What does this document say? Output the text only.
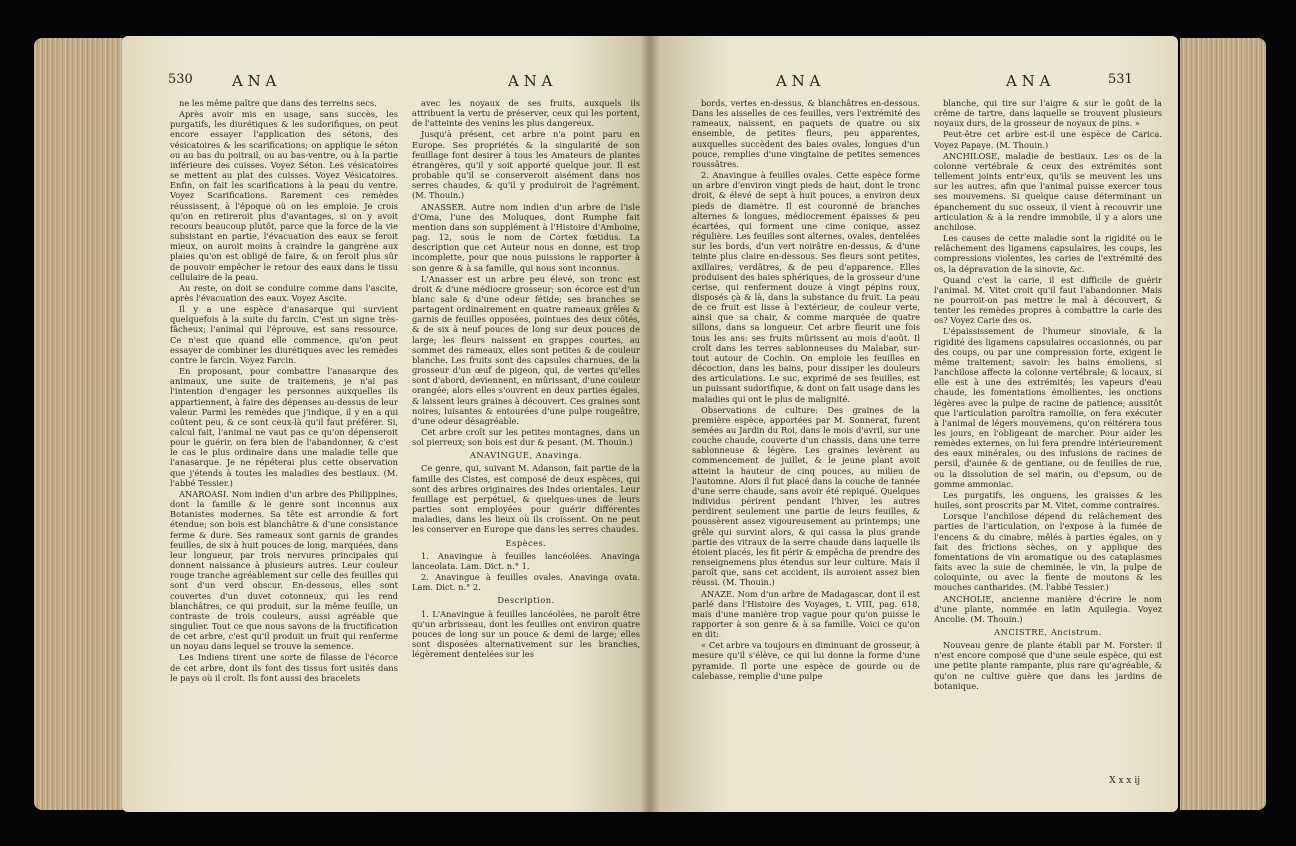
530	A N A	A N A

ne les même paître que dans des terreins secs.

Après avoir mis en usage, sans succès, les purgatifs, les diurétiques & les sudorifiques, on peut encore essayer l'application des sétons, des vésicatoires & les scarifications; on applique le séton ou au bas du poitrail, ou au bas-ventre, ou à la partie inférieure des cuisses. Voyez Séton. Les vésicatoires se mettent au plat des cuisses. Voyez Vésicatoires. Enfin, on fait les scarifications à la peau du ventre. Voyez Scarifications. Rarement ces remèdes réussissent, à l'époque où on les emploie. Je crois qu'on en retireroit plus d'avantages, si on y avoit recours beaucoup plutôt, parce que la force de la vie subsistant en partie, l'évacuation des eaux se feroit mieux, on auroit moins à craindre la gangrène aux plaies qu'on est obligé de faire, & on feroit plus sûr de pouvoir empêcher le retour des eaux dans le tissu cellulaire de la peau.

Au reste, on doit se conduire comme dans l'ascite, après l'évacuation des eaux. Voyez Ascite.

Il y a une espèce d'anasarque qui survient quelquefois à la suite du farcin. C'est un signe très-fâcheux; l'animal qui l'éprouve, est sans ressource. Ce n'est que quand elle commence, qu'on peut essayer de combiner les diurétiques avec les remèdes contre le farcin. Voyez Farcin.

En proposant, pour combattre l'anasarque des animaux, une suite de traitemens, je n'ai pas l'intention d'engager les personnes auxquelles ils appartiennent, à faire des dépenses au-dessus de leur valeur. Parmi les remèdes que j'indique, il y en a qui coûtent peu, & ce sont ceux-là qu'il faut préférer. Si, calcul fait, l'animal ne vaut pas ce qu'on dépenseroit pour le guérir, on fera bien de l'abandonner, & c'est le cas le plus ordinaire dans une maladie telle que l'anasarque. Je ne répéterai plus cette observation que j'étends à toutes les maladies des bestiaux. (M. l'abbé Tessier.)

ANAROASI. Nom indien d'un arbre des Philippines, dont la famille & le genre sont inconnus aux Botanistes modernes. Sa tête est arrondie & fort étendue; son bois est blanchâtre & d'une consistance ferme & dure. Ses rameaux sont garnis de grandes feuilles, de six à huit pouces de long, marquées, dans leur longueur, par trois nervures principales qui donnent naissance à plusieurs autres. Leur couleur rouge tranche agréablement sur celle des feuilles qui sont d'un verd obscur. En-dessous, elles sont couvertes d'un duvet cotonneux, qui les rend blanchâtres, ce qui produit, sur la même feuille, un contraste de trois couleurs, aussi agréable que singulier. Tout ce que nous savons de la fructification de cet arbre, c'est qu'il produit un fruit qui renferme un noyau dans lequel se trouve la semence.

Les Indiens tirent une sorte de filasse de l'écorce de cet arbre, dont ils font des tissus fort usités dans le pays où il croît. Ils font aussi des bracelets

avec les noyaux de ses fruits, auxquels ils attribuent la vertu de préserver, ceux qui les portent, de l'atteinte des venins les plus dangereux.

Jusqu'à présent, cet arbre n'a point paru en Europe. Ses propriétés & la singularité de son feuillage font desirer à tous les Amateurs de plantes étrangères, qu'il y soit apporté quelque jour. Il est probable qu'il se conserveroit aisément dans nos serres chaudes, & qu'il y produiroit de l'agrément. (M. Thouin.)

ANASSER. Autre nom indien d'un arbre de l'isle d'Oma, l'une des Moluques, dont Rumphe fait mention dans son supplément à l'Histoire d'Amboine, pag. 12, sous le nom de Cortex fœtidus. La description que cet Auteur nous en donne, est trop incomplette, pour que nous puissions le rapporter à son genre & à sa famille, qui nous sont inconnus.

L'Anasser est un arbre peu élevé, son tronc est droit & d'une médiocre grosseur; son écorce est d'un blanc sale & d'une odeur fétide; ses branches se partagent ordinairement en quatre rameaux grêles & garnis de feuilles opposées, pointues des deux côtés, & de six à neuf pouces de long sur deux pouces de large; les fleurs naissent en grappes courtes, au sommet des rameaux, elles sont petites & de couleur blanche. Les fruits sont des capsules charnues, de la grosseur d'un œuf de pigeon, qui, de vertes qu'elles sont d'abord, deviennent, en mûrissant, d'une couleur orangée; alors elles s'ouvrent en deux parties égales, & laissent leurs graines à découvert. Ces graines sont noires, luisantes & entourées d'une pulpe rougeâtre, d'une odeur désagréable.

Cet arbre croît sur les petites montagnes, dans un sol pierreux; son bois est dur & pesant. (M. Thouin.)

ANAVINGUE, Anavinga.

Ce genre, qui, suivant M. Adanson, fait partie de la famille des Cistes, est composé de deux espèces, qui sont des arbres originaires des Indes orientales. Leur feuillage est perpétuel, & quelques-unes de leurs parties sont employées pour guérir différentes maladies, dans les lieux où ils croissent. On ne peut les conserver en Europe que dans les serres chaudes.

Espèces.

1. Anavingue à feuilles lancéolées. Anavinga lanceolata. Lam. Dict. n.° 1.

2. Anavingue à feuilles ovales. Anavinga ovata. Lam. Dict. n.° 2.

Description.

1. L'Anavingue à feuilles lancéolées, ne paroît être qu'un arbrisseau, dont les feuilles ont environ quatre pouces de long sur un pouce & demi de large; elles sont disposées alternativement sur les branches, légèrement dentelées sur les

A N A	A N A	531

bords, vertes en-dessus, & blanchâtres en-dessous. Dans les aisselles de ces feuilles, vers l'extrémité des rameaux, naissent, en paquets de quatre ou six ensemble, de petites fleurs, peu apparentes, auxquelles succèdent des baies ovales, longues d'un pouce, remplies d'une vingtaine de petites semences roussâtres.

2. Anavingue à feuilles ovales. Cette espèce forme un arbre d'environ vingt pieds de haut, dont le tronc droit, & élevé de sept à huit pouces, a environ deux pieds de diamètre. Il est couronné de branches alternes & longues, médiocrement épaisses & peu écartées, qui forment une cime conique, assez régulière. Les feuilles sont alternes, ovales, dentelées sur les bords, d'un vert noirâtre en-dessus, & d'une teinte plus claire en-dessous. Ses fleurs sont petites, axillaires, verdâtres, & de peu d'apparence. Elles produisent des baies sphériques, de la grosseur d'une cerise, qui renferment douze à vingt pépins roux, disposés çà & là, dans la substance du fruit. La peau de ce fruit est lisse à l'extérieur, de couleur verte, ainsi que sa chair, & comme marquée de quatre sillons, dans sa longueur. Cet arbre fleurit une fois tous les ans: ses fruits mûrissent au mois d'août. Il croît dans les terres sablonneuses du Malabar, sur-tout autour de Cochin. On emploie les feuilles en décoction, dans les bains, pour dissiper les douleurs des articulations. Le suc, exprimé de ses feuilles, est un puissant sudorifique, & dont on fait usage dans les maladies qui ont le plus de malignité.

Observations de culture: Des graines de la première espèce, apportées par M. Sonnerat, furent semées au Jardin du Roi, dans le mois d'avril, sur une couche chaude, couverte d'un chassis, dans une terre sablonneuse & légère. Les graines levèrent au commencement de juillet, & le jeune plant avoit atteint la hauteur de cinq pouces, au milieu de l'automne. Alors il fut placé dans la couche de tannée d'une serre chaude, sans avoir été repiqué. Quelques individus périrent pendant l'hiver, les autres perdirent seulement une partie de leurs feuilles, & poussèrent assez vigoureusement au printemps; une grêle qui survint alors, & qui cassa la plus grande partie des vitraux de la serre chaude dans laquelle ils étoient placés, les fit périr & empêcha de prendre des renseignemens plus étendus sur leur culture. Mais il paroît que, sans cet accident, ils auroient assez bien réussi. (M. Thouin.)

ANAZE. Nom d'un arbre de Madagascar, dont il est parlé dans l'Histoire des Voyages, t. VIII, pag. 618, mais d'une manière trop vague pour qu'on puisse le rapporter à son genre & à sa famille. Voici ce qu'on en dit:

« Cet arbre va toujours en diminuant de grosseur, à mesure qu'il s'élève, ce qui lui donne la forme d'une pyramide. Il porte une espèce de gourde ou de calebasse, remplie d'une pulpe

blanche, qui tire sur l'aigre & sur le goût de la crême de tartre, dans laquelle se trouvent plusieurs noyaux durs, de la grosseur de noyaux de pins. »

Peut-être cet arbre est-il une espèce de Carica. Voyez Papaye. (M. Thouin.)

ANCHILOSE, maladie de bestiaux. Les os de la colonne vertébrale & ceux des extrémités sont tellement joints entr'eux, qu'ils se meuvent les uns sur les autres, afin que l'animal puisse exercer tous ses mouvemens. Si quelque cause déterminant un épanchement du suc osseux, il vient à recouvrir une articulation & à la rendre immobile, il y a alors une anchilose.

Les causes de cette maladie sont la rigidité ou le relâchement des ligamens capsulaires, les coups, les compressions violentes, les caries de l'extrémité des os, la dépravation de la sinovie, &c.

Quand c'est la carie, il est difficile de guérir l'animal. M. Vitet croit qu'il faut l'abandonner. Mais ne pourroit-on pas mettre le mal à découvert, & tenter les remèdes propres à combattre la carie des os? Voyez Carie des os.

L'épaississement de l'humeur sinoviale, & la rigidité des ligamens capsulaires occasionnés, ou par des coups, ou par une compression forte, exigent le même traitement; savoir: les bains émoliens, si l'anchilose affecte la colonne vertébrale; & locaux, si elle est à une des extrémités; les vapeurs d'eau chaude, les fomentations émollientes, les onctions légères avec la pulpe de racine de patience; aussitôt que l'articulation paroîtra ramollie, on fera exécuter à l'animal de légers mouvemens, qu'on réitérera tous les jours, en l'obligeant de marcher. Pour aider les remèdes externes, on lui fera prendre intérieurement des eaux minérales, ou des infusions de racines de persil, d'aunée & de gentiane, ou de feuilles de rue, ou la dissolution de sel marin, ou d'epsum, ou de gomme ammoniac.

Les purgatifs, les onguens, les graisses & les huiles, sont proscrits par M. Vitet, comme contraires.

Lorsque l'anchilose dépend du relâchement des parties de l'articulation, on l'expose à la fumée de l'encens & du cinabre, mêlés à parties égales, on y fait des frictions sèches, on y applique des fomentations de vin aromatique ou des cataplasmes faits avec la suie de cheminée, le vin, la pulpe de coloquinte, ou avec la fiente de moutons & les mouches cantharides. (M. l'abbé Tessier.)

ANCHOLIE, ancienne manière d'écrire le nom d'une plante, nommée en latin Aquilegia. Voyez Ancolie. (M. Thouin.)

ANCISTRE, Ancistrum.

Nouveau genre de plante établi par M. Forster: il n'est encore composé que d'une seule espèce, qui est une petite plante rampante, plus rare qu'agréable, & qu'on ne cultive guère que dans les jardins de botanique.

X x x ij
